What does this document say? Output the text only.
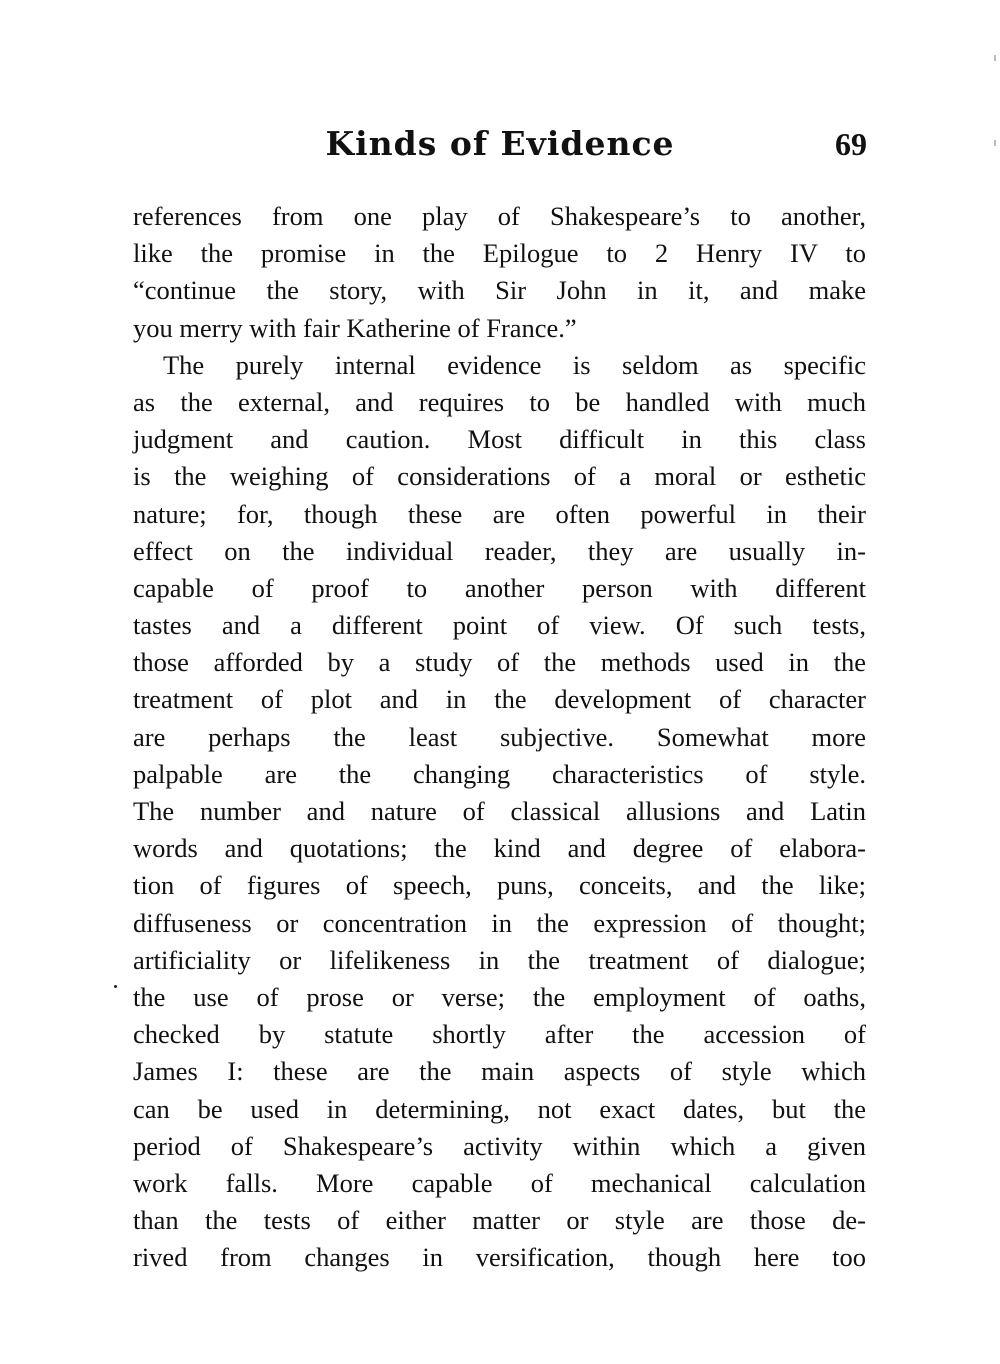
Kinds of Evidence	69
references from one play of Shakespeare’s to another,
like the promise in the Epilogue to 2 Henry IV to
“continue the story, with Sir John in it, and make
you merry with fair Katherine of France.”
The purely internal evidence is seldom as specific
as the external, and requires to be handled with much
judgment and caution. Most difficult in this class
is the weighing of considerations of a moral or esthetic
nature; for, though these are often powerful in their
effect on the individual reader, they are usually in-
capable of proof to another person with different
tastes and a different point of view. Of such tests,
those afforded by a study of the methods used in the
treatment of plot and in the development of character
are perhaps the least subjective. Somewhat more
palpable are the changing characteristics of style.
The number and nature of classical allusions and Latin
words and quotations; the kind and degree of elabora-
tion of figures of speech, puns, conceits, and the like;
diffuseness or concentration in the expression of thought;
artificiality or lifelikeness in the treatment of dialogue;
the use of prose or verse; the employment of oaths,
checked by statute shortly after the accession of
James I: these are the main aspects of style which
can be used in determining, not exact dates, but the
period of Shakespeare’s activity within which a given
work falls. More capable of mechanical calculation
than the tests of either matter or style are those de-
rived from changes in versification, though here too
